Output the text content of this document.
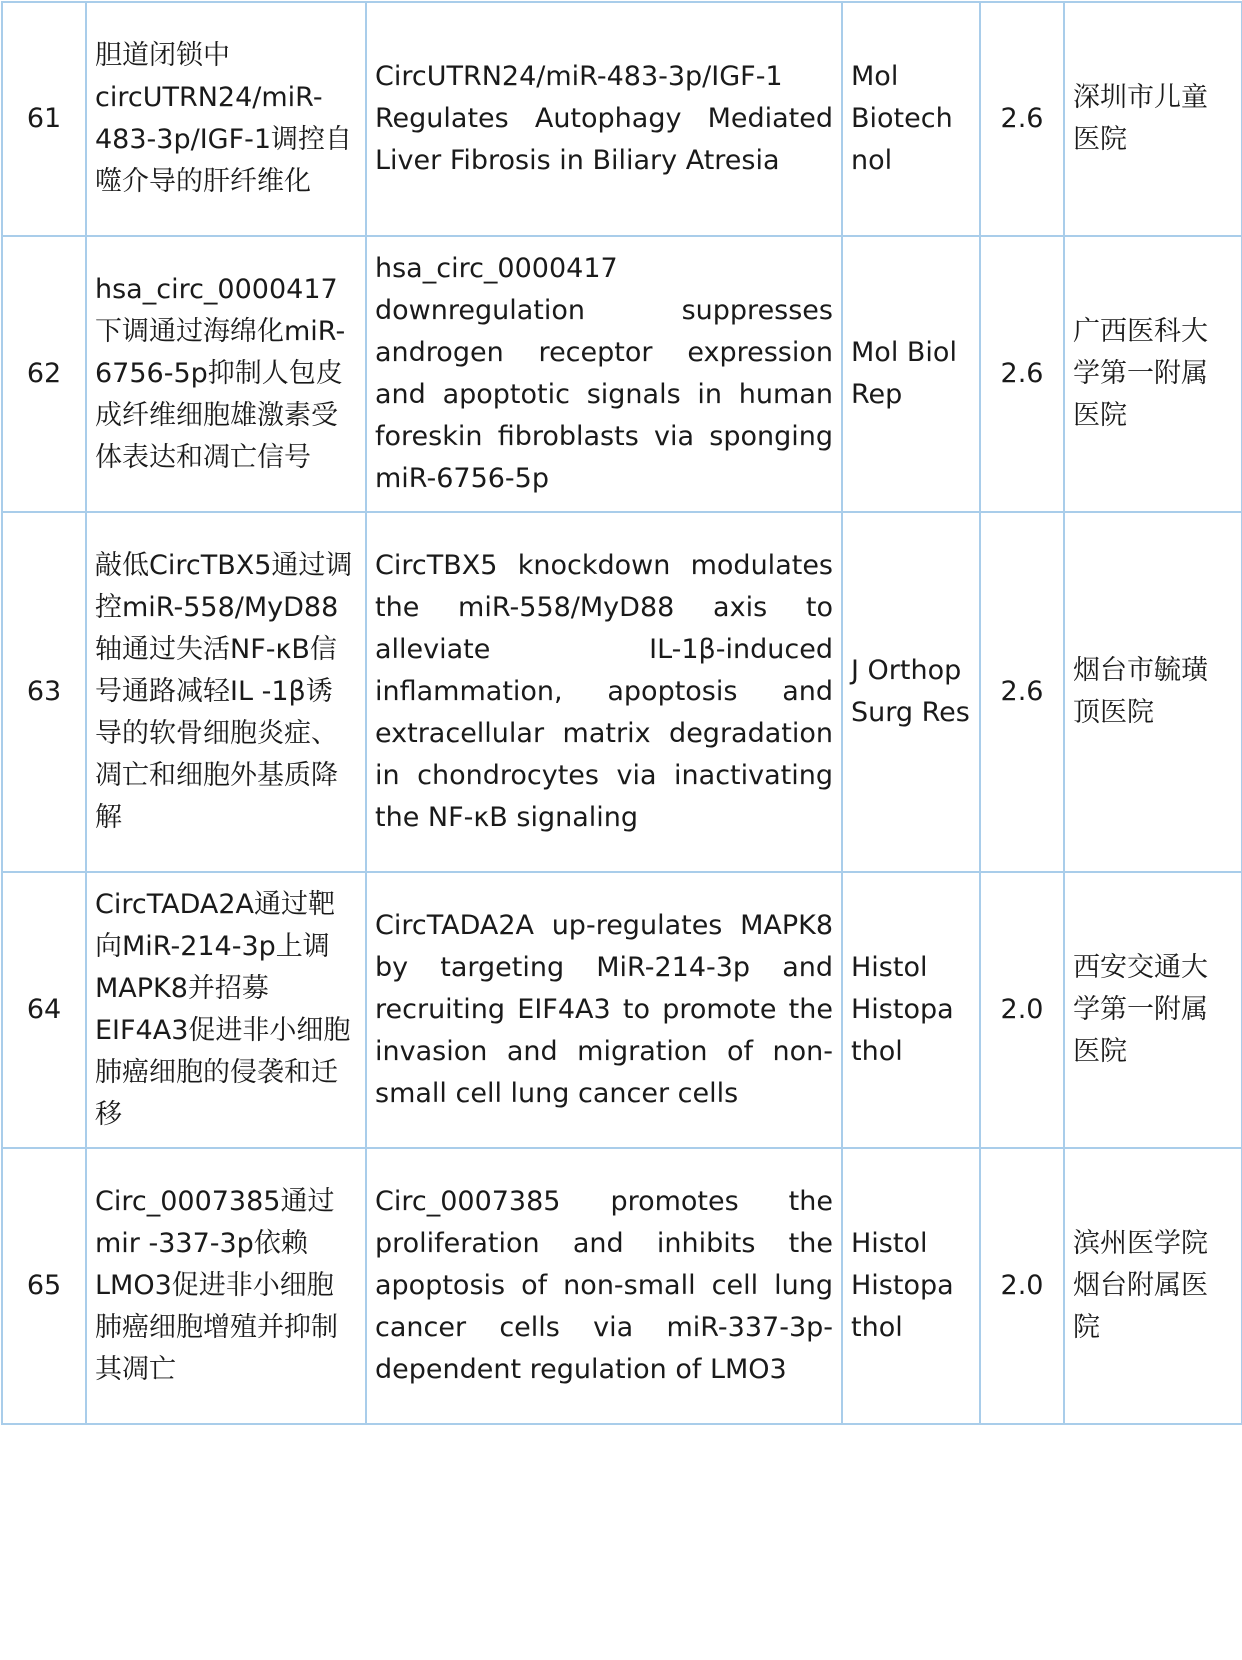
61	胆道闭锁中circUTRN24/miR-483-3p/IGF-1调控自噬介导的肝纤维化	CircUTRN24/miR-483-3p/IGF-1 Regulates Autophagy Mediated Liver Fibrosis in Biliary Atresia	Mol Biotech nol	2.6	深圳市儿童医院
62	hsa_circ_0000417下调通过海绵化miR-6756-5p抑制人包皮成纤维细胞雄激素受体表达和凋亡信号	hsa_circ_0000417 downregulation suppresses androgen receptor expression and apoptotic signals in human foreskin fibroblasts via sponging miR-6756-5p	Mol Biol Rep	2.6	广西医科大学第一附属医院
63	敲低CircTBX5通过调控miR-558/MyD88轴通过失活NF-κB信号通路减轻IL -1β诱导的软骨细胞炎症、凋亡和细胞外基质降解	CircTBX5 knockdown modulates the miR-558/MyD88 axis to alleviate IL-1β-induced inflammation, apoptosis and extracellular matrix degradation in chondrocytes via inactivating the NF-κB signaling	J Orthop Surg Res	2.6	烟台市毓璜顶医院
64	CircTADA2A通过靶向MiR-214-3p上调MAPK8并招募EIF4A3促进非小细胞肺癌细胞的侵袭和迁移	CircTADA2A up-regulates MAPK8 by targeting MiR-214-3p and recruiting EIF4A3 to promote the invasion and migration of non-small cell lung cancer cells	Histol Histopa thol	2.0	西安交通大学第一附属医院
65	Circ_0007385通过mir -337-3p依赖LMO3促进非小细胞肺癌细胞增殖并抑制其凋亡	Circ_0007385 promotes the proliferation and inhibits the apoptosis of non-small cell lung cancer cells via miR-337-3p-dependent regulation of LMO3	Histol Histopa thol	2.0	滨州医学院烟台附属医院
